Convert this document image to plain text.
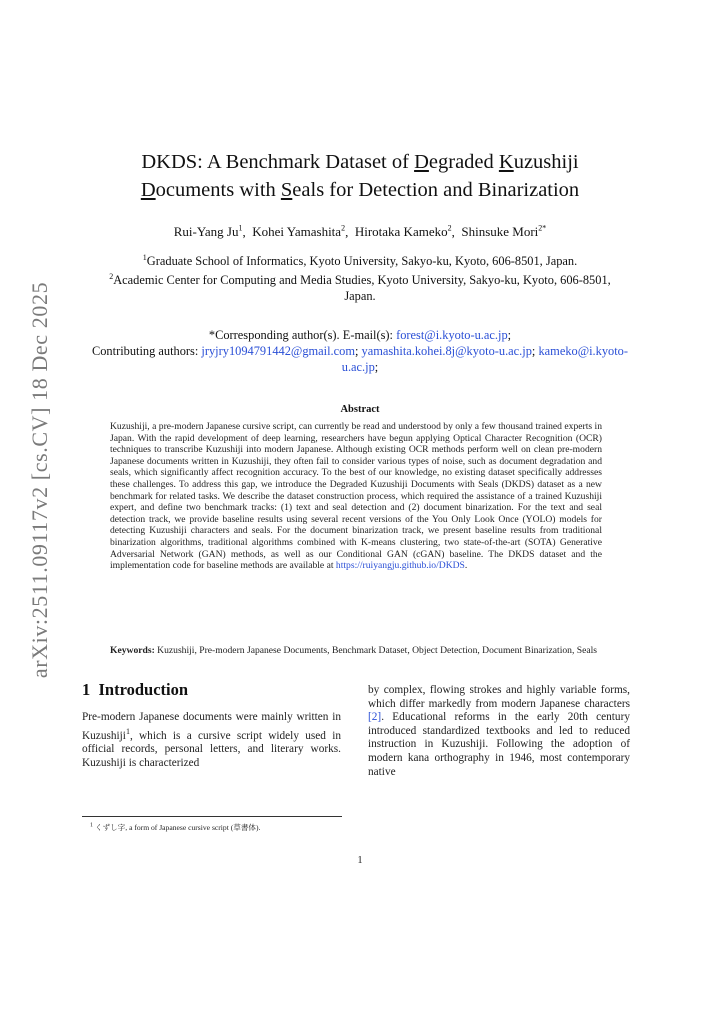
arXiv:2511.09117v2 [cs.CV] 18 Dec 2025
DKDS: A Benchmark Dataset of Degraded Kuzushiji
Documents with Seals for Detection and Binarization
Rui-Yang Ju$^1$,  Kohei Yamashita$^2$,  Hirotaka Kameko$^2$,  Shinsuke Mori$^{2*}$
$^1$Graduate School of Informatics, Kyoto University, Sakyo-ku, Kyoto, 606-8501, Japan.
$^2$Academic Center for Computing and Media Studies, Kyoto University, Sakyo-ku, Kyoto, 606-8501, Japan.
*Corresponding author(s). E-mail(s): forest@i.kyoto-u.ac.jp;
Contributing authors: jryjry1094791442@gmail.com; yamashita.kohei.8j@kyoto-u.ac.jp; kameko@i.kyoto-u.ac.jp;
Abstract
Kuzushiji, a pre-modern Japanese cursive script, can currently be read and understood by only a few thousand trained experts in Japan. With the rapid development of deep learning, researchers have begun applying Optical Character Recognition (OCR) techniques to transcribe Kuzushiji into modern Japanese. Although existing OCR methods perform well on clean pre-modern Japanese documents written in Kuzushiji, they often fail to consider various types of noise, such as document degradation and seals, which significantly affect recognition accuracy. To the best of our knowledge, no existing dataset specifically addresses these challenges. To address this gap, we introduce the Degraded Kuzushiji Documents with Seals (DKDS) dataset as a new benchmark for related tasks. We describe the dataset construction process, which required the assistance of a trained Kuzushiji expert, and define two benchmark tracks: (1) text and seal detection and (2) document binarization. For the text and seal detection track, we provide baseline results using several recent versions of the You Only Look Once (YOLO) models for detecting Kuzushiji characters and seals. For the document binarization track, we present baseline results from traditional binarization algorithms, traditional algorithms combined with K-means clustering, two state-of-the-art (SOTA) Generative Adversarial Network (GAN) methods, as well as our Conditional GAN (cGAN) baseline. The DKDS dataset and the implementation code for baseline methods are available at https://ruiyangju.github.io/DKDS.
Keywords: Kuzushiji, Pre-modern Japanese Documents, Benchmark Dataset, Object Detection, Document Binarization, Seals
1 Introduction
Pre-modern Japanese documents were mainly written in Kuzushiji$^1$, which is a cursive script widely used in official records, personal letters, and literary works. Kuzushiji is characterized
by complex, flowing strokes and highly variable forms, which differ markedly from modern Japanese characters [2]. Educational reforms in the early 20th century introduced standardized textbooks and led to reduced instruction in Kuzushiji. Following the adoption of modern kana orthography in 1946, most contemporary native
$^1$ くずし字, a form of Japanese cursive script (草書体).
1
